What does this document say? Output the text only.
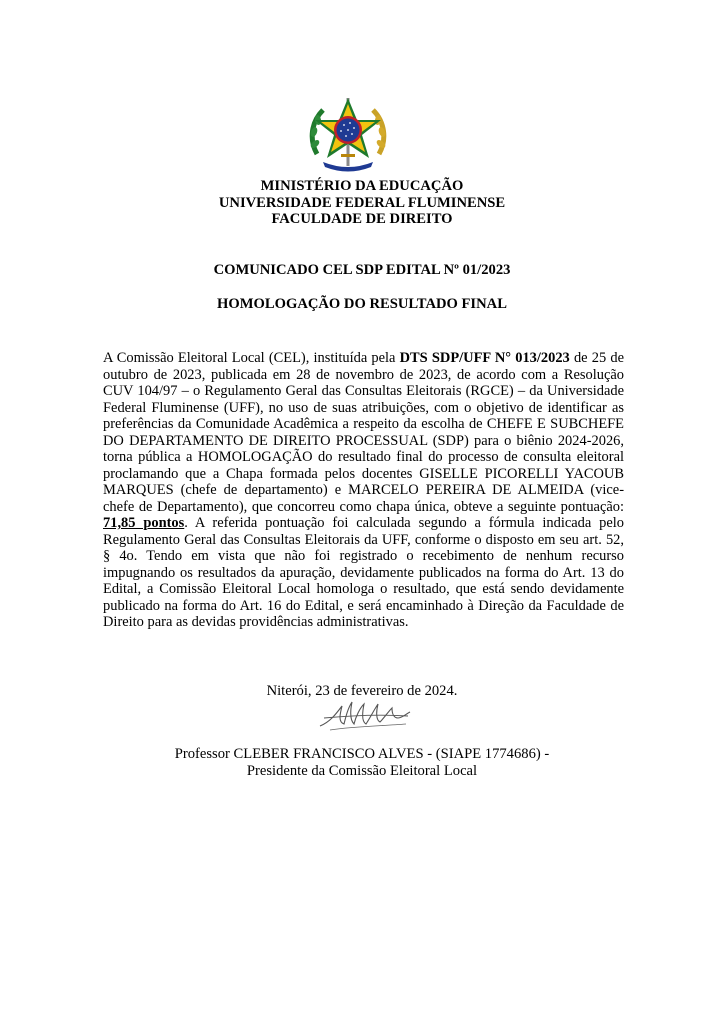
MINISTÉRIO DA EDUCAÇÃO
UNIVERSIDADE FEDERAL FLUMINENSE
FACULDADE DE DIREITO
COMUNICADO CEL SDP EDITAL Nº 01/2023
HOMOLOGAÇÃO DO RESULTADO FINAL
A Comissão Eleitoral Local (CEL), instituída pela DTS SDP/UFF N° 013/2023 de 25 de outubro de 2023, publicada em 28 de novembro de 2023, de acordo com a Resolução CUV 104/97 – o Regulamento Geral das Consultas Eleitorais (RGCE) – da Universidade Federal Fluminense (UFF), no uso de suas atribuições, com o objetivo de identificar as preferências da Comunidade Acadêmica a respeito da escolha de CHEFE E SUBCHEFE DO DEPARTAMENTO DE DIREITO PROCESSUAL (SDP) para o biênio 2024-2026, torna pública a HOMOLOGAÇÃO do resultado final do processo de consulta eleitoral proclamando que a Chapa formada pelos docentes GISELLE PICORELLI YACOUB MARQUES (chefe de departamento) e MARCELO PEREIRA DE ALMEIDA (vice-chefe de Departamento), que concorreu como chapa única, obteve a seguinte pontuação: 71,85 pontos. A referida pontuação foi calculada segundo a fórmula indicada pelo Regulamento Geral das Consultas Eleitorais da UFF, conforme o disposto em seu art. 52, § 4o. Tendo em vista que não foi registrado o recebimento de nenhum recurso impugnando os resultados da apuração, devidamente publicados na forma do Art. 13 do Edital, a Comissão Eleitoral Local homologa o resultado, que está sendo devidamente publicado na forma do Art. 16 do Edital, e será encaminhado à Direção da Faculdade de Direito para as devidas providências administrativas.
Niterói, 23 de fevereiro de 2024.
Professor CLEBER FRANCISCO ALVES - (SIAPE 1774686) -
Presidente da Comissão Eleitoral Local
